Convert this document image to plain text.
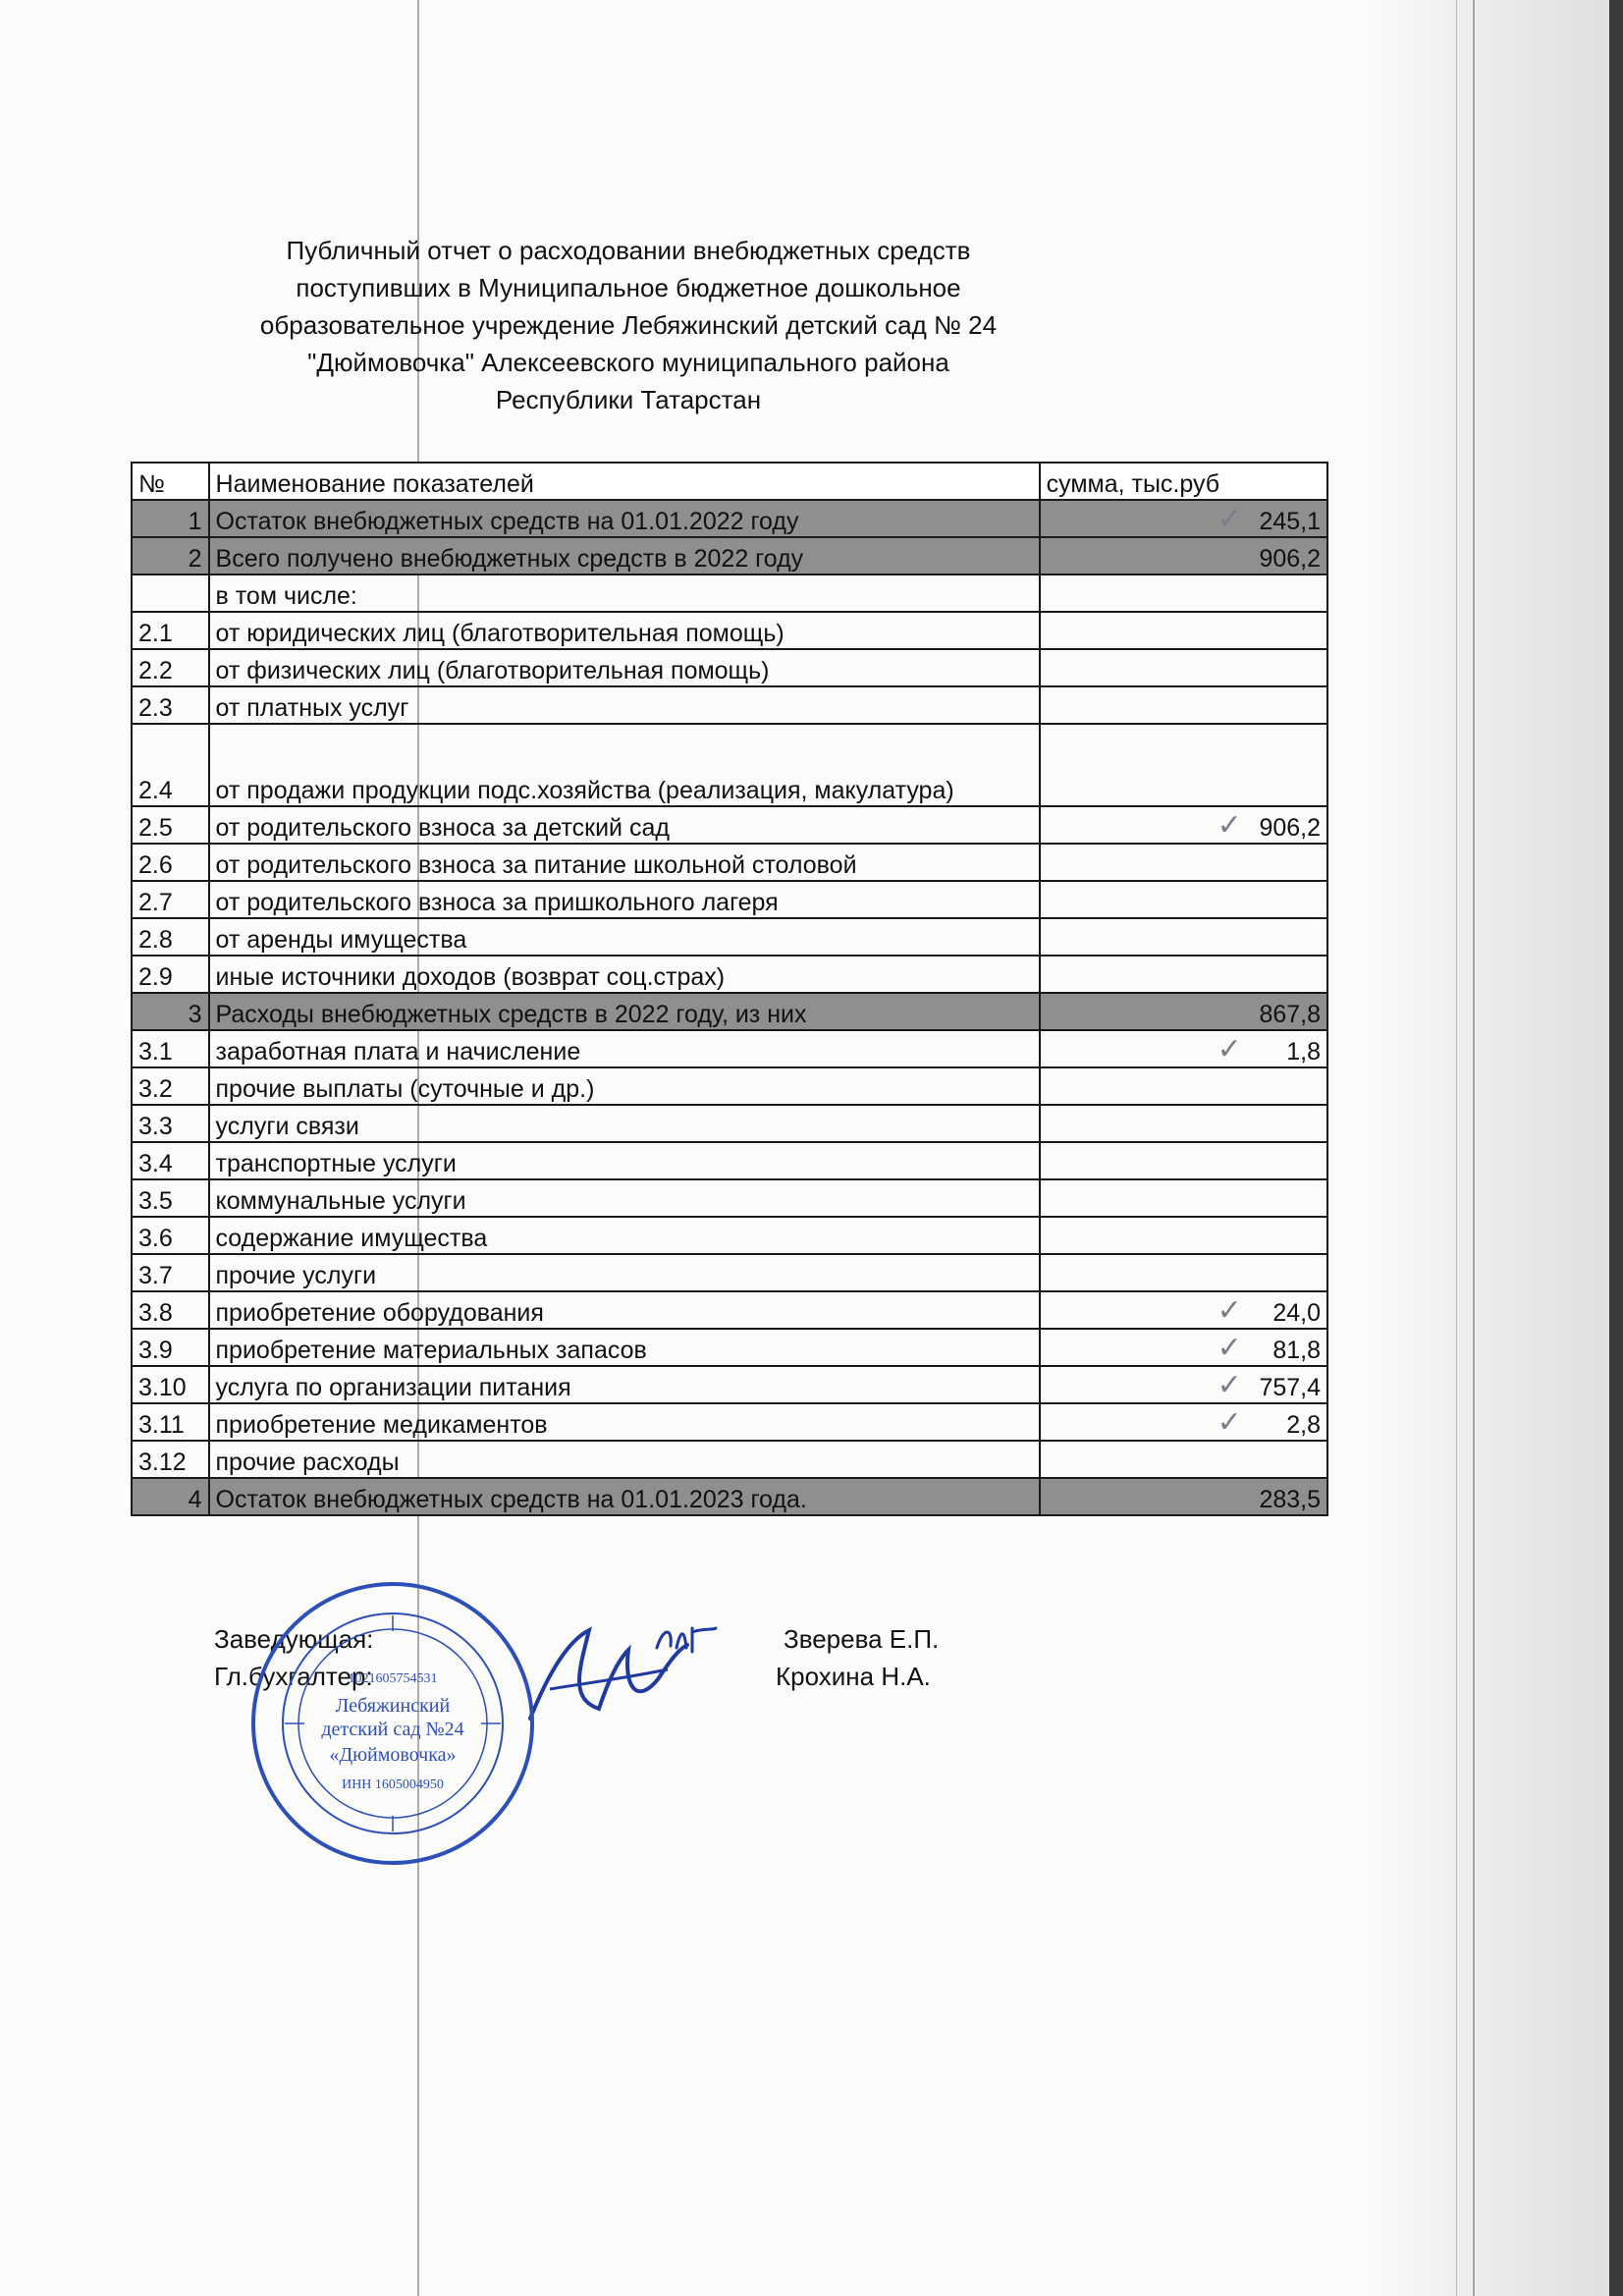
Публичный отчет о расходовании внебюджетных средств
поступивших в Муниципальное бюджетное дошкольное
образовательное учреждение Лебяжинский детский сад № 24
"Дюймовочка" Алексеевского муниципального района
Республики Татарстан
№	Наименование показателей	сумма, тыс.руб
1	Остаток внебюджетных средств на 01.01.2022 году	245,1
✓

2	Всего получено внебюджетных средств в 2022 году	906,2
	в том числе:	
2.1	от юридических лиц (благотворительная помощь)	
2.2	от физических лиц (благотворительная помощь)	
2.3	от платных услуг	
2.4	от продажи продукции подс.хозяйства (реализация, макулатура)	
2.5	от родительского взноса за детский сад	906,2
✓

2.6	от родительского взноса за питание школьной столовой	
2.7	от родительского взноса за пришкольного лагеря	
2.8	от аренды имущества	
2.9	иные источники доходов (возврат соц.страх)	
3	Расходы внебюджетных средств в 2022 году, из них	867,8
3.1	заработная плата и начисление	1,8
✓

3.2	прочие выплаты (суточные и др.)	
3.3	услуги связи	
3.4	транспортные услуги	
3.5	коммунальные услуги	
3.6	содержание имущества	
3.7	прочие услуги	
3.8	приобретение оборудования	24,0
✓

3.9	приобретение материальных запасов	81,8
✓

3.10	услуга по организации питания	757,4
✓

3.11	приобретение медикаментов	2,8
✓

3.12	прочие расходы	
4	Остаток внебюджетных средств на 01.01.2023 года.	283,5
Заведующая:	Зверева Е.П.
Гл.бухгалтер:	Крохина Н.А.
1021605754531
Лебяжинский
детский сад №24
«Дюймовочка»
ИНН 1605004950
